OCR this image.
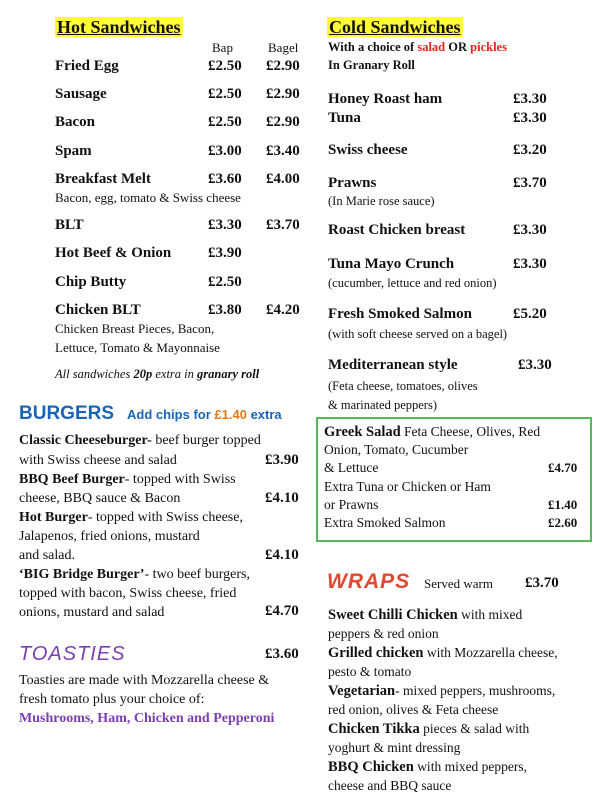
Hot Sandwiches
Bap	Bagel
Fried Egg	£2.50 £2.90
Sausage	£2.50 £2.90
Bacon	£2.50 £2.90
Spam	£3.00 £3.40
Breakfast Melt	£3.60 £4.00
Bacon, egg, tomato & Swiss cheese
BLT	£3.30 £3.70
Hot Beef & Onion £3.90
Chip Butty	£2.50
Chicken BLT	£3.80 £4.20
Chicken Breast Pieces, Bacon,
Lettuce, Tomato & Mayonnaise
All sandwiches 20p extra in granary roll
BURGERS Add chips for £1.40 extra
Classic Cheeseburger- beef burger topped
with Swiss cheese and salad	£3.90
BBQ Beef Burger- topped with Swiss
cheese, BBQ sauce & Bacon	£4.10
Hot Burger- topped with Swiss cheese,
Jalapenos, fried onions, mustard
and salad.	£4.10
‘BIG Bridge Burger’- two beef burgers,
topped with bacon, Swiss cheese, fried
onions, mustard and salad	£4.70
TOASTIES	£3.60
Toasties are made with Mozzarella cheese &
fresh tomato plus your choice of:
Mushrooms, Ham, Chicken and Pepperoni
Cold Sandwiches
With a choice of salad OR pickles
In Granary Roll
Honey Roast ham	£3.30
Tuna	£3.30
Swiss cheese	£3.20
Prawns	£3.70
(In Marie rose sauce)
Roast Chicken breast	£3.30
Tuna Mayo Crunch	£3.30
(cucumber, lettuce and red onion)
Fresh Smoked Salmon	£5.20
(with soft cheese served on a bagel)
Mediterranean style	£3.30
(Feta cheese, tomatoes, olives
& marinated peppers)
Greek Salad Feta Cheese, Olives, Red
Onion, Tomato, Cucumber
& Lettuce	£4.70
Extra Tuna or Chicken or Ham
or Prawns	£1.40
Extra Smoked Salmon	£2.60
WRAPS Served warm £3.70
Sweet Chilli Chicken with mixed
peppers & red onion
Grilled chicken with Mozzarella cheese,
pesto & tomato
Vegetarian- mixed peppers, mushrooms,
red onion, olives & Feta cheese
Chicken Tikka pieces & salad with
yoghurt & mint dressing
BBQ Chicken with mixed peppers,
cheese and BBQ sauce
